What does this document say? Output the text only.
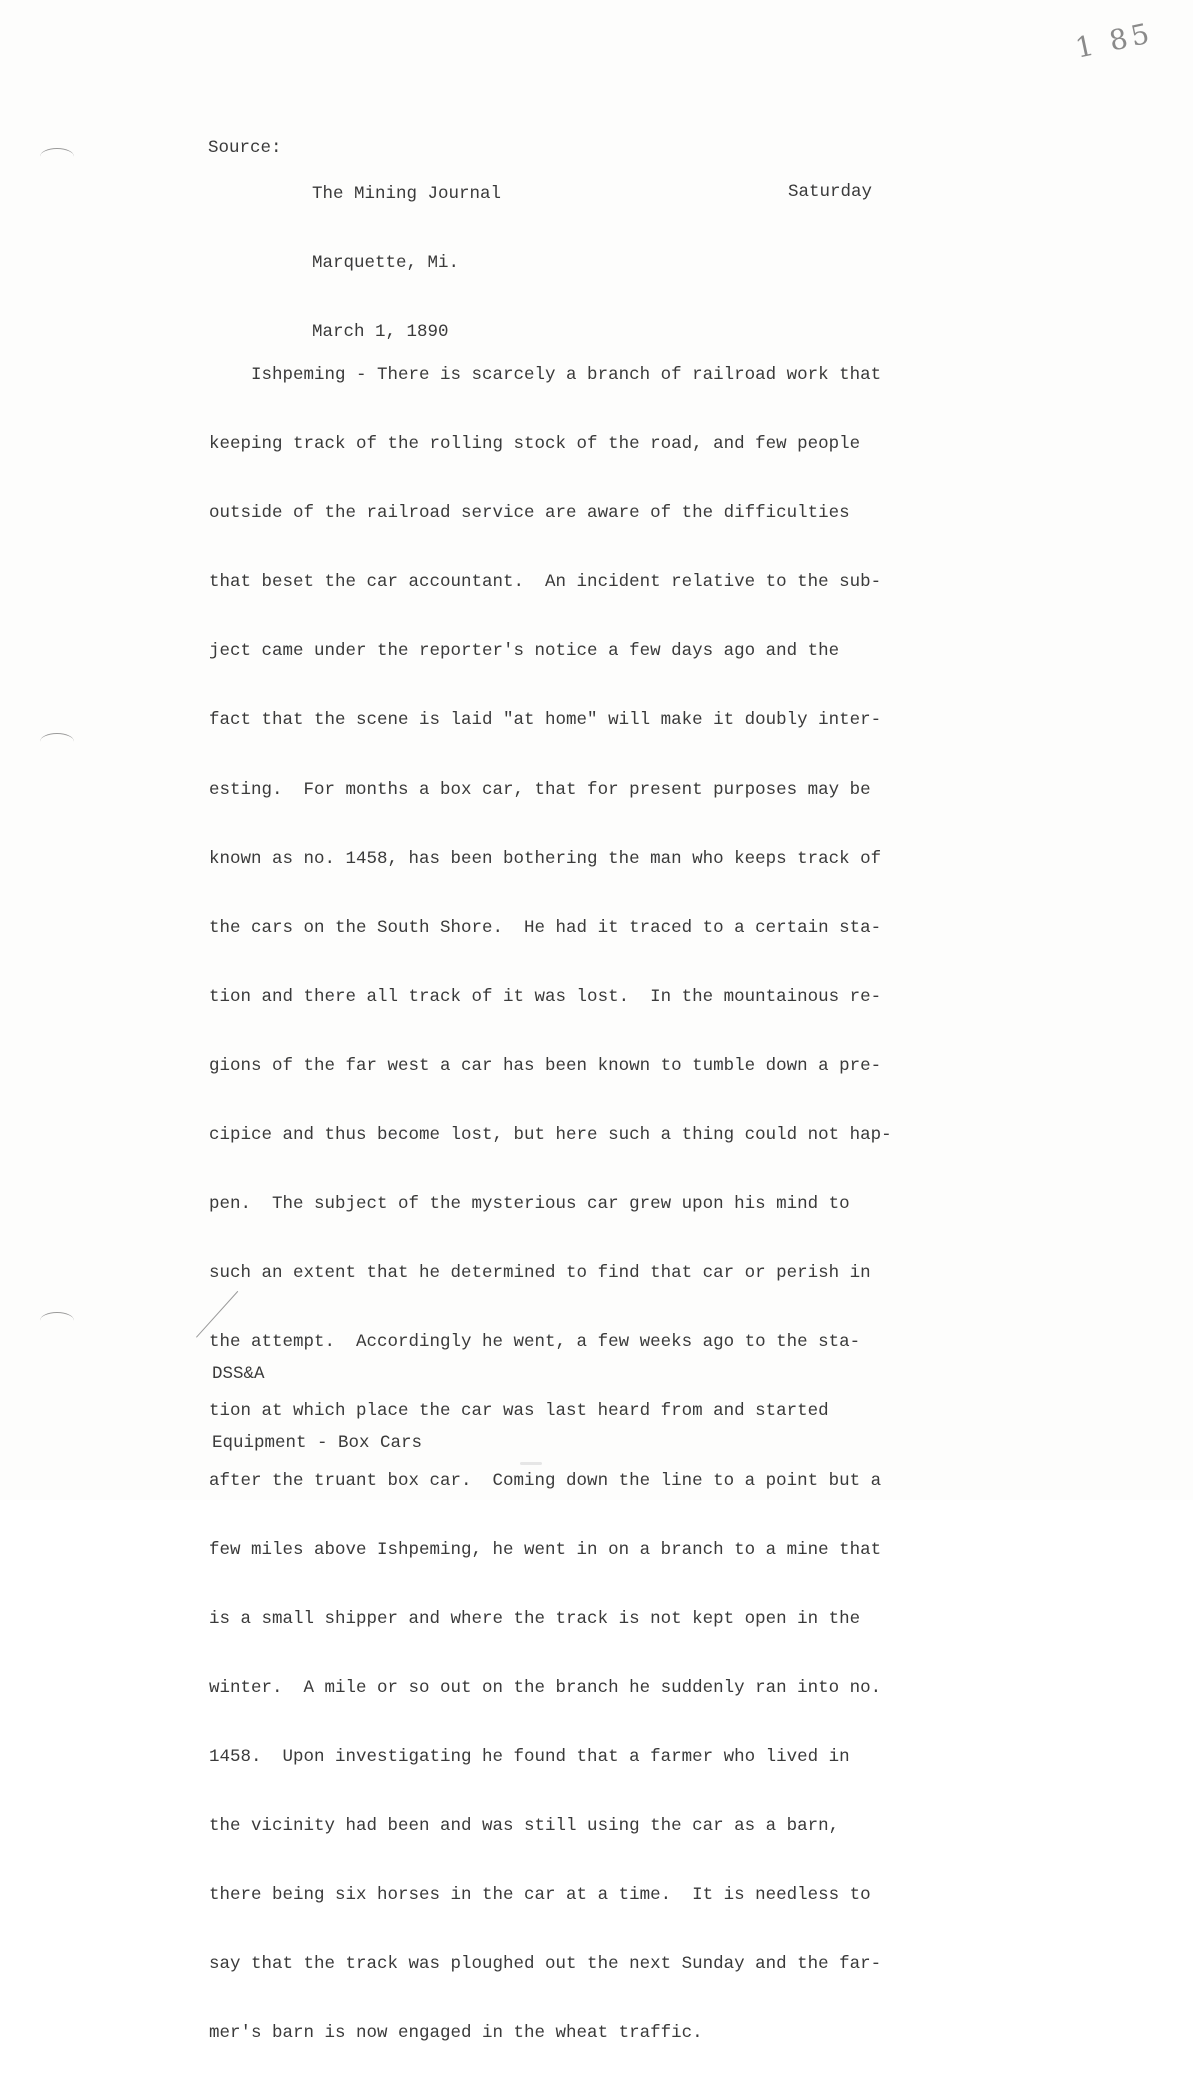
1 85
Source:

The Mining Journal

Marquette, Mi.

March 1, 1890

Saturday

Ishpeming - There is scarcely a branch of railroad work that

keeping track of the rolling stock of the road, and few people

outside of the railroad service are aware of the difficulties

that beset the car accountant.  An incident relative to the sub-

ject came under the reporter's notice a few days ago and the

fact that the scene is laid "at home" will make it doubly inter-

esting.  For months a box car, that for present purposes may be

known as no. 1458, has been bothering the man who keeps track of

the cars on the South Shore.  He had it traced to a certain sta-

tion and there all track of it was lost.  In the mountainous re-

gions of the far west a car has been known to tumble down a pre-

cipice and thus become lost, but here such a thing could not hap-

pen.  The subject of the mysterious car grew upon his mind to

such an extent that he determined to find that car or perish in

the attempt.  Accordingly he went, a few weeks ago to the sta-

tion at which place the car was last heard from and started

after the truant box car.  Coming down the line to a point but a

few miles above Ishpeming, he went in on a branch to a mine that

is a small shipper and where the track is not kept open in the

winter.  A mile or so out on the branch he suddenly ran into no.

1458.  Upon investigating he found that a farmer who lived in

the vicinity had been and was still using the car as a barn,

there being six horses in the car at a time.  It is needless to

say that the track was ploughed out the next Sunday and the far-

mer's barn is now engaged in the wheat traffic.

DSS&A

Equipment - Box Cars
